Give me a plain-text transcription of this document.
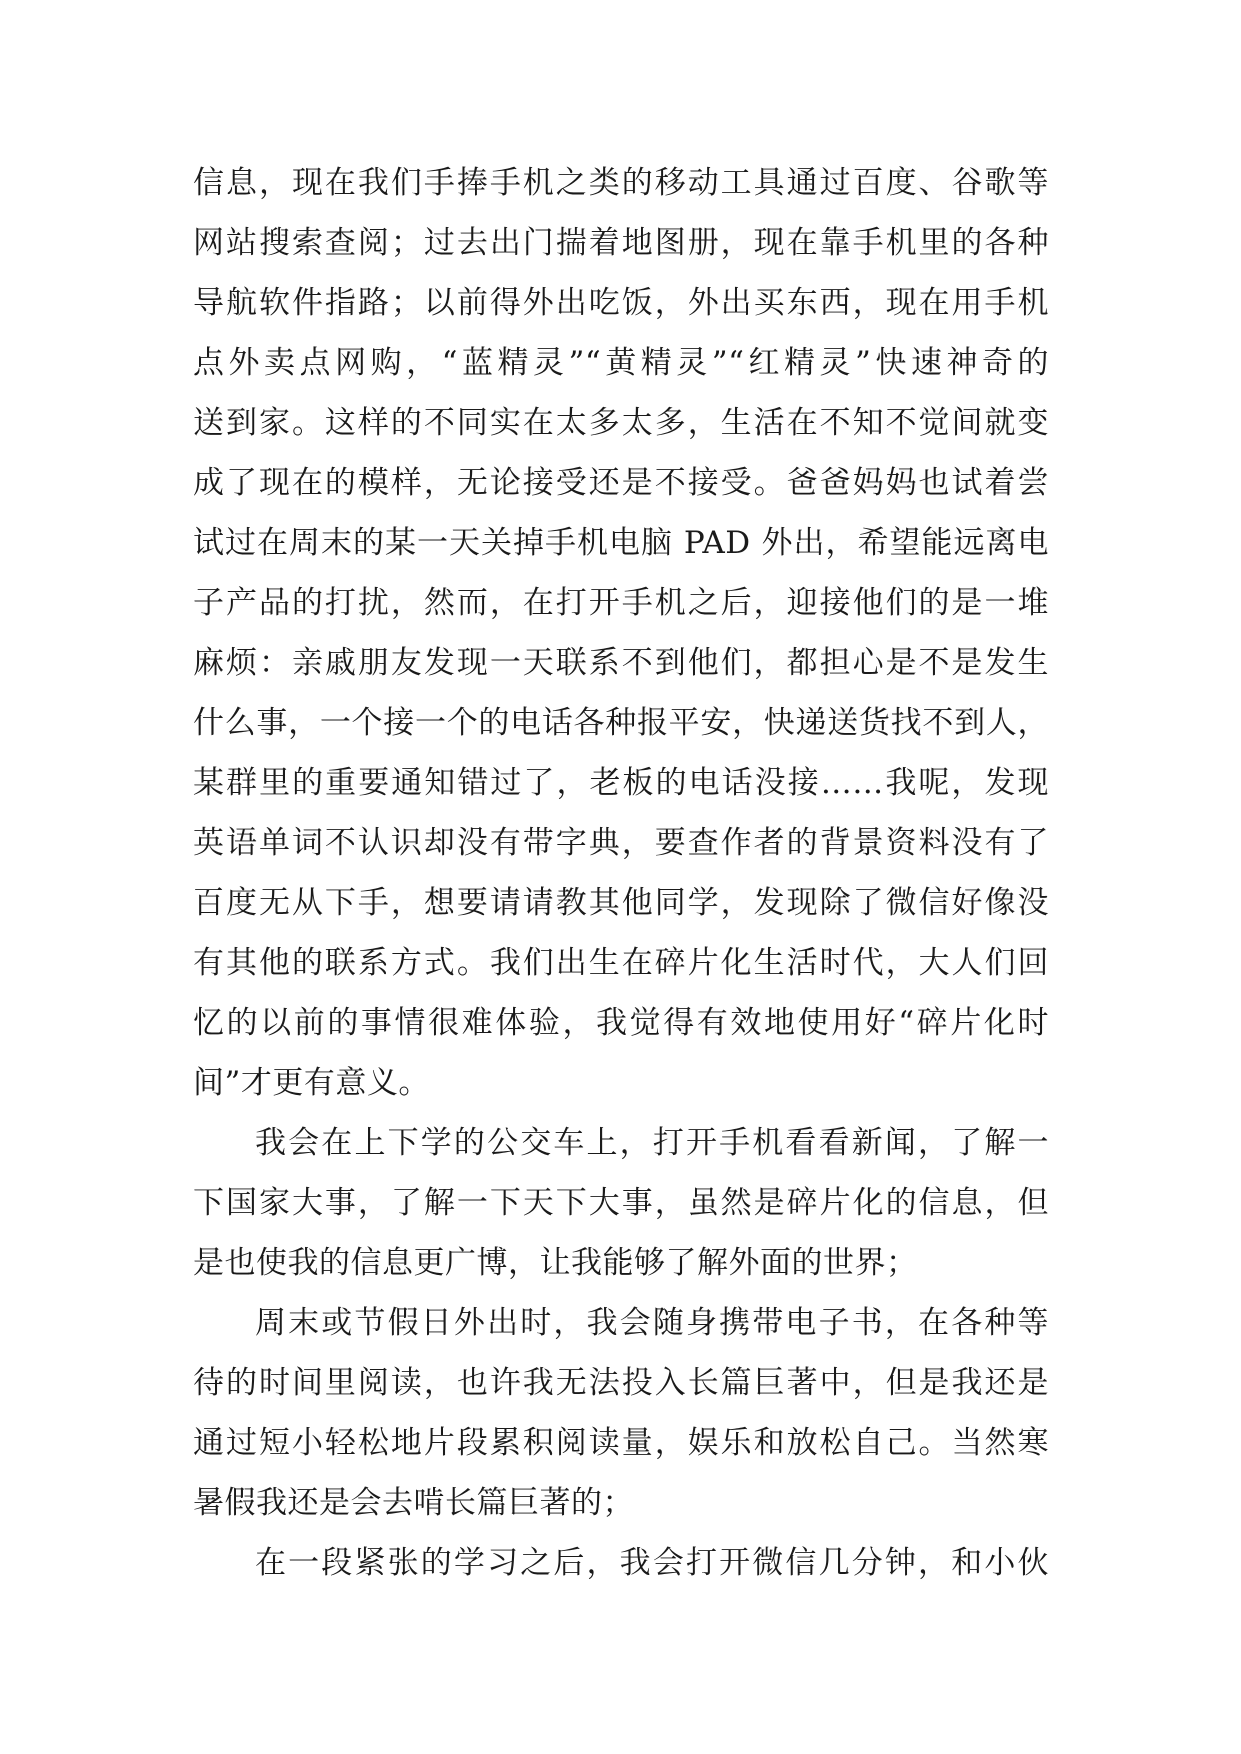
信息，现在我们手捧手机之类的移动工具通过百度、谷歌等
网站搜索查阅；过去出门揣着地图册，现在靠手机里的各种
导航软件指路；以前得外出吃饭，外出买东西，现在用手机
点外卖点网购，“蓝精灵”“黄精灵”“红精灵”快速神奇的
送到家。这样的不同实在太多太多，生活在不知不觉间就变
成了现在的模样，无论接受还是不接受。爸爸妈妈也试着尝
试过在周末的某一天关掉手机电脑 PAD 外出，希望能远离电
子产品的打扰，然而，在打开手机之后，迎接他们的是一堆
麻烦：亲戚朋友发现一天联系不到他们，都担心是不是发生
什么事，一个接一个的电话各种报平安，快递送货找不到人，
某群里的重要通知错过了，老板的电话没接……我呢，发现
英语单词不认识却没有带字典，要查作者的背景资料没有了
百度无从下手，想要请请教其他同学，发现除了微信好像没
有其他的联系方式。我们出生在碎片化生活时代，大人们回
忆的以前的事情很难体验，我觉得有效地使用好“碎片化时
间”才更有意义。
我会在上下学的公交车上，打开手机看看新闻，了解一
下国家大事，了解一下天下大事，虽然是碎片化的信息，但
是也使我的信息更广博，让我能够了解外面的世界；
周末或节假日外出时，我会随身携带电子书，在各种等
待的时间里阅读，也许我无法投入长篇巨著中，但是我还是
通过短小轻松地片段累积阅读量，娱乐和放松自己。当然寒
暑假我还是会去啃长篇巨著的；
在一段紧张的学习之后，我会打开微信几分钟，和小伙
